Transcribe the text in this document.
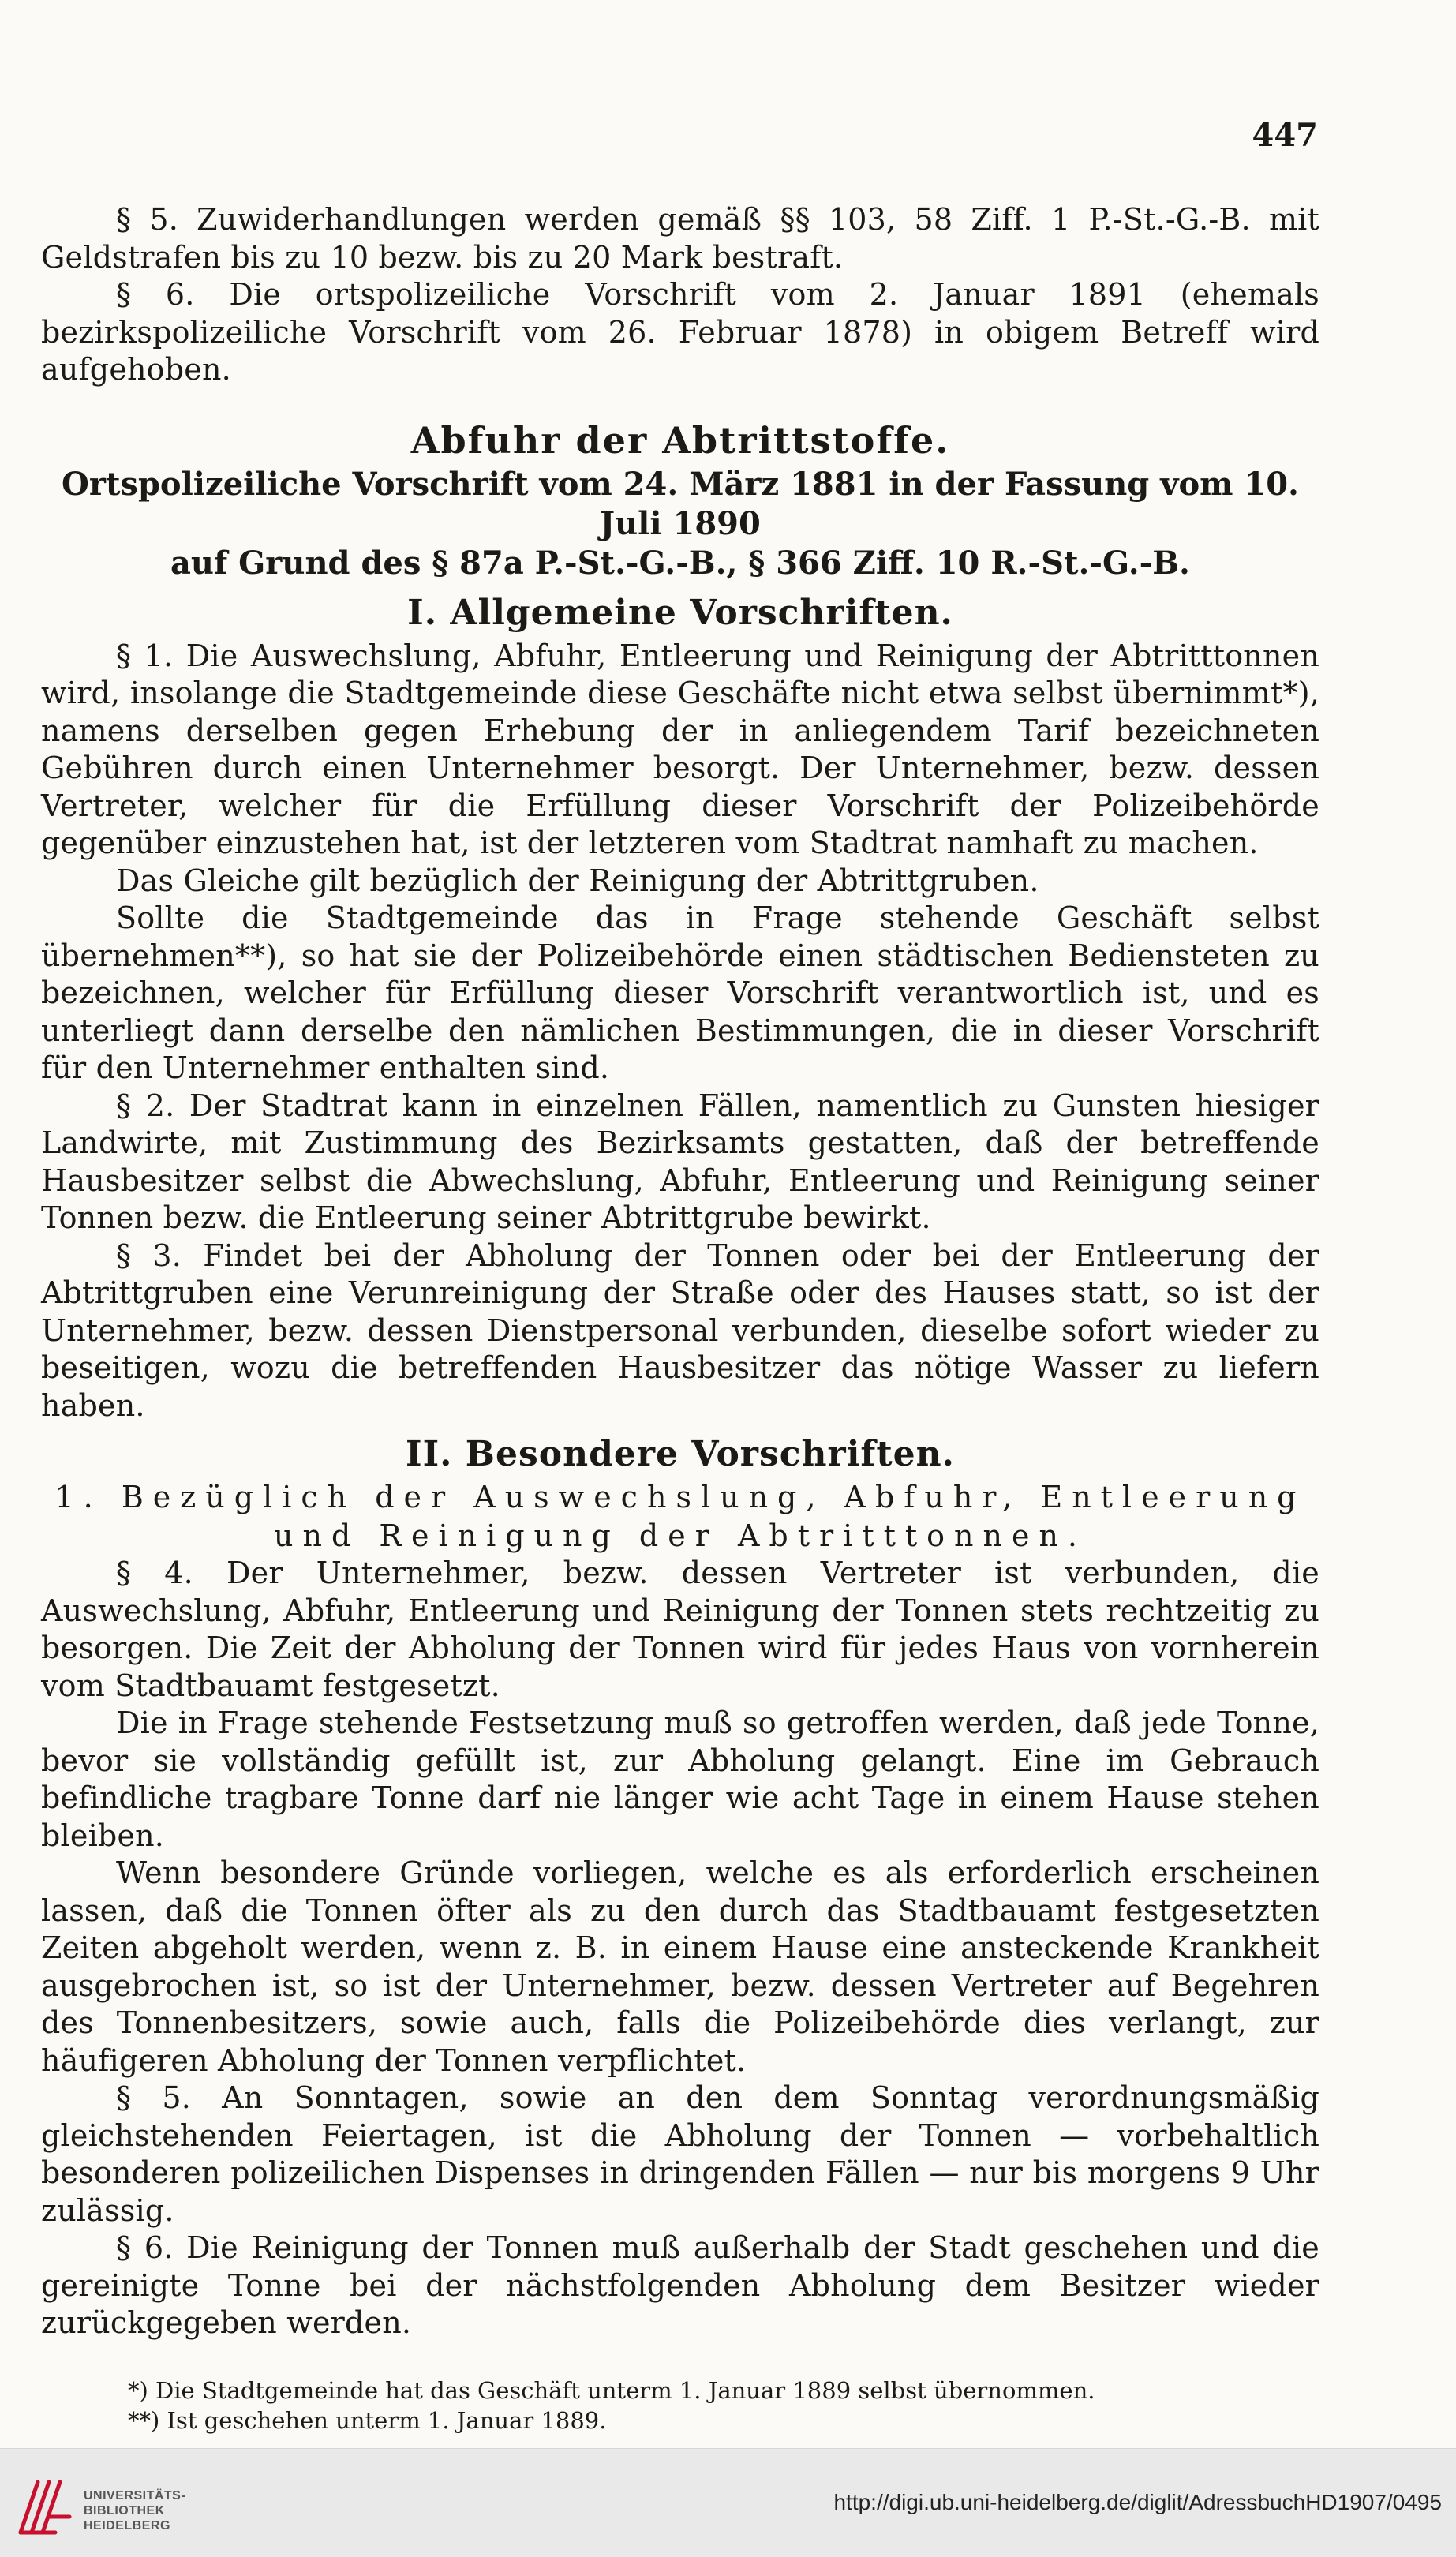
447

§ 5. Zuwiderhandlungen werden gemäß §§ 103, 58 Ziff. 1 P.-St.-G.-B. mit Geldstrafen bis zu 10 bezw. bis zu 20 Mark bestraft.

§ 6. Die ortspolizeiliche Vorschrift vom 2. Januar 1891 (ehemals bezirkspolizeiliche Vorschrift vom 26. Februar 1878) in obigem Betreff wird aufgehoben.

Abfuhr der Abtrittstoffe.
Ortspolizeiliche Vorschrift vom 24. März 1881 in der Fassung vom 10. Juli 1890
auf Grund des § 87a P.-St.-G.-B., § 366 Ziff. 10 R.-St.-G.-B.
I. Allgemeine Vorschriften.

§ 1. Die Auswechslung, Abfuhr, Entleerung und Reinigung der Abtritttonnen wird, insolange die Stadtgemeinde diese Geschäfte nicht etwa selbst übernimmt*), namens derselben gegen Erhebung der in anliegendem Tarif bezeichneten Gebühren durch einen Unternehmer besorgt. Der Unternehmer, bezw. dessen Vertreter, welcher für die Erfüllung dieser Vorschrift der Polizeibehörde gegenüber einzustehen hat, ist der letzteren vom Stadtrat namhaft zu machen.

Das Gleiche gilt bezüglich der Reinigung der Abtrittgruben.

Sollte die Stadtgemeinde das in Frage stehende Geschäft selbst übernehmen**), so hat sie der Polizeibehörde einen städtischen Bediensteten zu bezeichnen, welcher für Erfüllung dieser Vorschrift verantwortlich ist, und es unterliegt dann derselbe den nämlichen Bestimmungen, die in dieser Vorschrift für den Unternehmer enthalten sind.

§ 2. Der Stadtrat kann in einzelnen Fällen, namentlich zu Gunsten hiesiger Landwirte, mit Zustimmung des Bezirksamts gestatten, daß der betreffende Hausbesitzer selbst die Abwechslung, Abfuhr, Entleerung und Reinigung seiner Tonnen bezw. die Entleerung seiner Abtrittgrube bewirkt.

§ 3. Findet bei der Abholung der Tonnen oder bei der Entleerung der Abtrittgruben eine Verunreinigung der Straße oder des Hauses statt, so ist der Unternehmer, bezw. dessen Dienstpersonal verbunden, dieselbe sofort wieder zu beseitigen, wozu die betreffenden Hausbesitzer das nötige Wasser zu liefern haben.

II. Besondere Vorschriften.
1. Bezüglich der Auswechslung, Abfuhr, Entleerung
und Reinigung der Abtritttonnen.

§ 4. Der Unternehmer, bezw. dessen Vertreter ist verbunden, die Auswechslung, Abfuhr, Entleerung und Reinigung der Tonnen stets rechtzeitig zu besorgen. Die Zeit der Abholung der Tonnen wird für jedes Haus von vornherein vom Stadtbauamt festgesetzt.

Die in Frage stehende Festsetzung muß so getroffen werden, daß jede Tonne, bevor sie vollständig gefüllt ist, zur Abholung gelangt. Eine im Gebrauch befindliche tragbare Tonne darf nie länger wie acht Tage in einem Hause stehen bleiben.

Wenn besondere Gründe vorliegen, welche es als erforderlich erscheinen lassen, daß die Tonnen öfter als zu den durch das Stadtbauamt festgesetzten Zeiten abgeholt werden, wenn z. B. in einem Hause eine ansteckende Krankheit ausgebrochen ist, so ist der Unternehmer, bezw. dessen Vertreter auf Begehren des Tonnenbesitzers, sowie auch, falls die Polizeibehörde dies verlangt, zur häufigeren Abholung der Tonnen verpflichtet.

§ 5. An Sonntagen, sowie an den dem Sonntag verordnungsmäßig gleichstehenden Feiertagen, ist die Abholung der Tonnen — vorbehaltlich besonderen polizeilichen Dispenses in dringenden Fällen — nur bis morgens 9 Uhr zulässig.

§ 6. Die Reinigung der Tonnen muß außerhalb der Stadt geschehen und die gereinigte Tonne bei der nächstfolgenden Abholung dem Besitzer wieder zurückgegeben werden.

*) Die Stadtgemeinde hat das Geschäft unterm 1. Januar 1889 selbst übernommen.
**) Ist geschehen unterm 1. Januar 1889.
UNIVERSITÄTS-
BIBLIOTHEK
HEIDELBERG
http://digi.ub.uni-heidelberg.de/diglit/AdressbuchHD1907/0495
